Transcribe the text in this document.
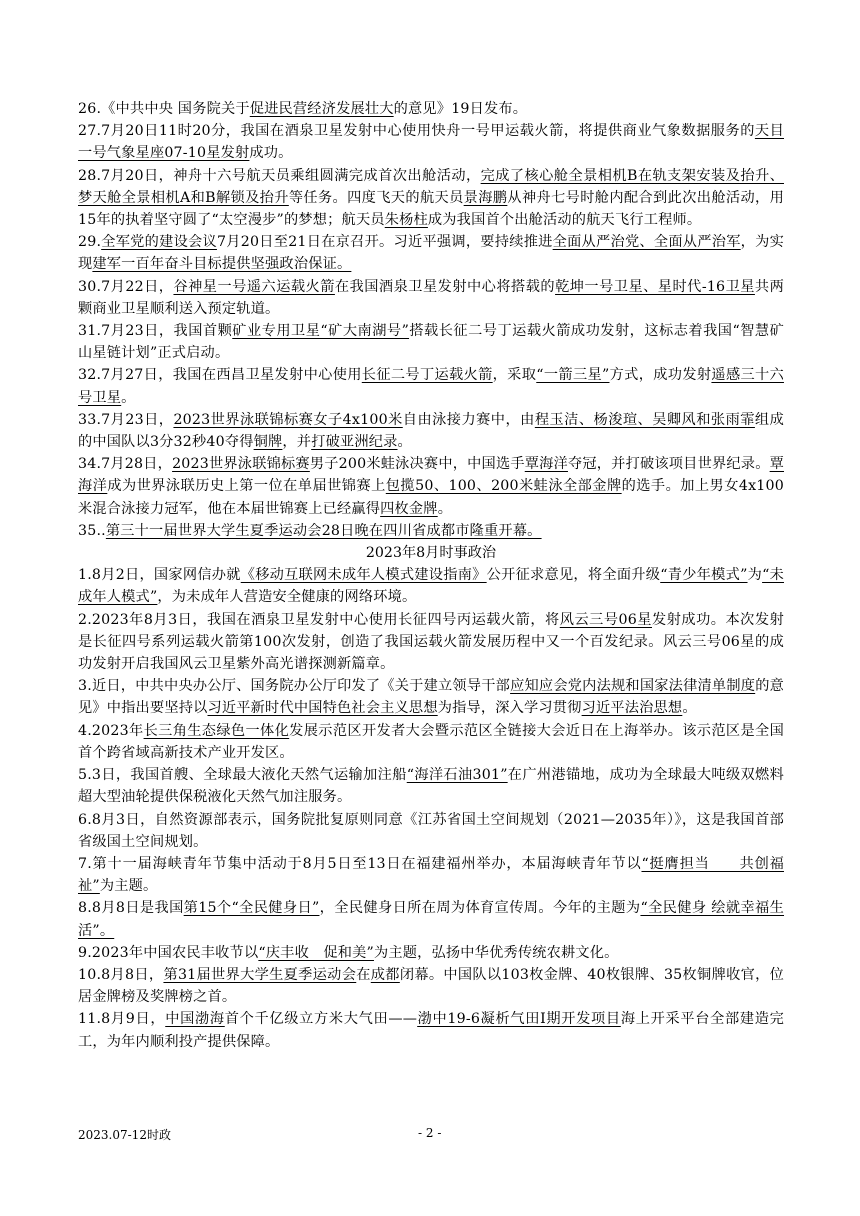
26.《中共中央 国务院关于促进民营经济发展壮大的意见》19日发布。

27.7月20日11时20分，我国在酒泉卫星发射中心使用快舟一号甲运载火箭，将提供商业气象数据服务的天目一号气象星座07-10星发射成功。

28.7月20日，神舟十六号航天员乘组圆满完成首次出舱活动，完成了核心舱全景相机B在轨支架安装及抬升、梦天舱全景相机A和B解锁及抬升等任务。四度飞天的航天员景海鹏从神舟七号时舱内配合到此次出舱活动，用15年的执着坚守圆了“太空漫步”的梦想；航天员朱杨柱成为我国首个出舱活动的航天飞行工程师。

29.全军党的建设会议7月20日至21日在京召开。习近平强调，要持续推进全面从严治党、全面从严治军，为实现建军一百年奋斗目标提供坚强政治保证。

30.7月22日，谷神星一号遥六运载火箭在我国酒泉卫星发射中心将搭载的乾坤一号卫星、星时代-16卫星共两颗商业卫星顺利送入预定轨道。

31.7月23日，我国首颗矿业专用卫星“矿大南湖号”搭载长征二号丁运载火箭成功发射，这标志着我国“智慧矿山星链计划”正式启动。

32.7月27日，我国在西昌卫星发射中心使用长征二号丁运载火箭，采取“一箭三星”方式，成功发射遥感三十六号卫星。

33.7月23日，2023世界泳联锦标赛女子4x100米自由泳接力赛中，由程玉洁、杨浚瑄、吴卿风和张雨霏组成的中国队以3分32秒40夺得铜牌，并打破亚洲纪录。

34.7月28日，2023世界泳联锦标赛男子200米蛙泳决赛中，中国选手覃海洋夺冠，并打破该项目世界纪录。覃海洋成为世界泳联历史上第一位在单届世锦赛上包揽50、100、200米蛙泳全部金牌的选手。加上男女4x100米混合泳接力冠军，他在本届世锦赛上已经赢得四枚金牌。

35..第三十一届世界大学生夏季运动会28日晚在四川省成都市隆重开幕。

2023年8月时事政治

1.8月2日，国家网信办就《移动互联网未成年人模式建设指南》公开征求意见，将全面升级“青少年模式”为“未成年人模式”，为未成年人营造安全健康的网络环境。

2.2023年8月3日，我国在酒泉卫星发射中心使用长征四号丙运载火箭，将风云三号06星发射成功。本次发射是长征四号系列运载火箭第100次发射，创造了我国运载火箭发展历程中又一个百发纪录。风云三号06星的成功发射开启我国风云卫星紫外高光谱探测新篇章。

3.近日，中共中央办公厅、国务院办公厅印发了《关于建立领导干部应知应会党内法规和国家法律清单制度的意见》中指出要坚持以习近平新时代中国特色社会主义思想为指导，深入学习贯彻习近平法治思想。

4.2023年长三角生态绿色一体化发展示范区开发者大会暨示范区全链接大会近日在上海举办。该示范区是全国首个跨省域高新技术产业开发区。

5.3日，我国首艘、全球最大液化天然气运输加注船“海洋石油301”在广州港锚地，成功为全球最大吨级双燃料超大型油轮提供保税液化天然气加注服务。

6.8月3日，自然资源部表示，国务院批复原则同意《江苏省国土空间规划（2021—2035年）》，这是我国首部省级国土空间规划。

7.第十一届海峡青年节集中活动于8月5日至13日在福建福州举办，本届海峡青年节以“挺膺担当　　共创福祉”为主题。

8.8月8日是我国第15个“全民健身日”，全民健身日所在周为体育宣传周。今年的主题为“全民健身 绘就幸福生活”。

9.2023年中国农民丰收节以“庆丰收　促和美”为主题，弘扬中华优秀传统农耕文化。

10.8月8日，第31届世界大学生夏季运动会在成都闭幕。中国队以103枚金牌、40枚银牌、35枚铜牌收官，位居金牌榜及奖牌榜之首。

11.8月9日，中国渤海首个千亿级立方米大气田——渤中19-6凝析气田Ⅰ期开发项目海上开采平台全部建造完工，为年内顺利投产提供保障。

2023.07-12时政	- 2 -
